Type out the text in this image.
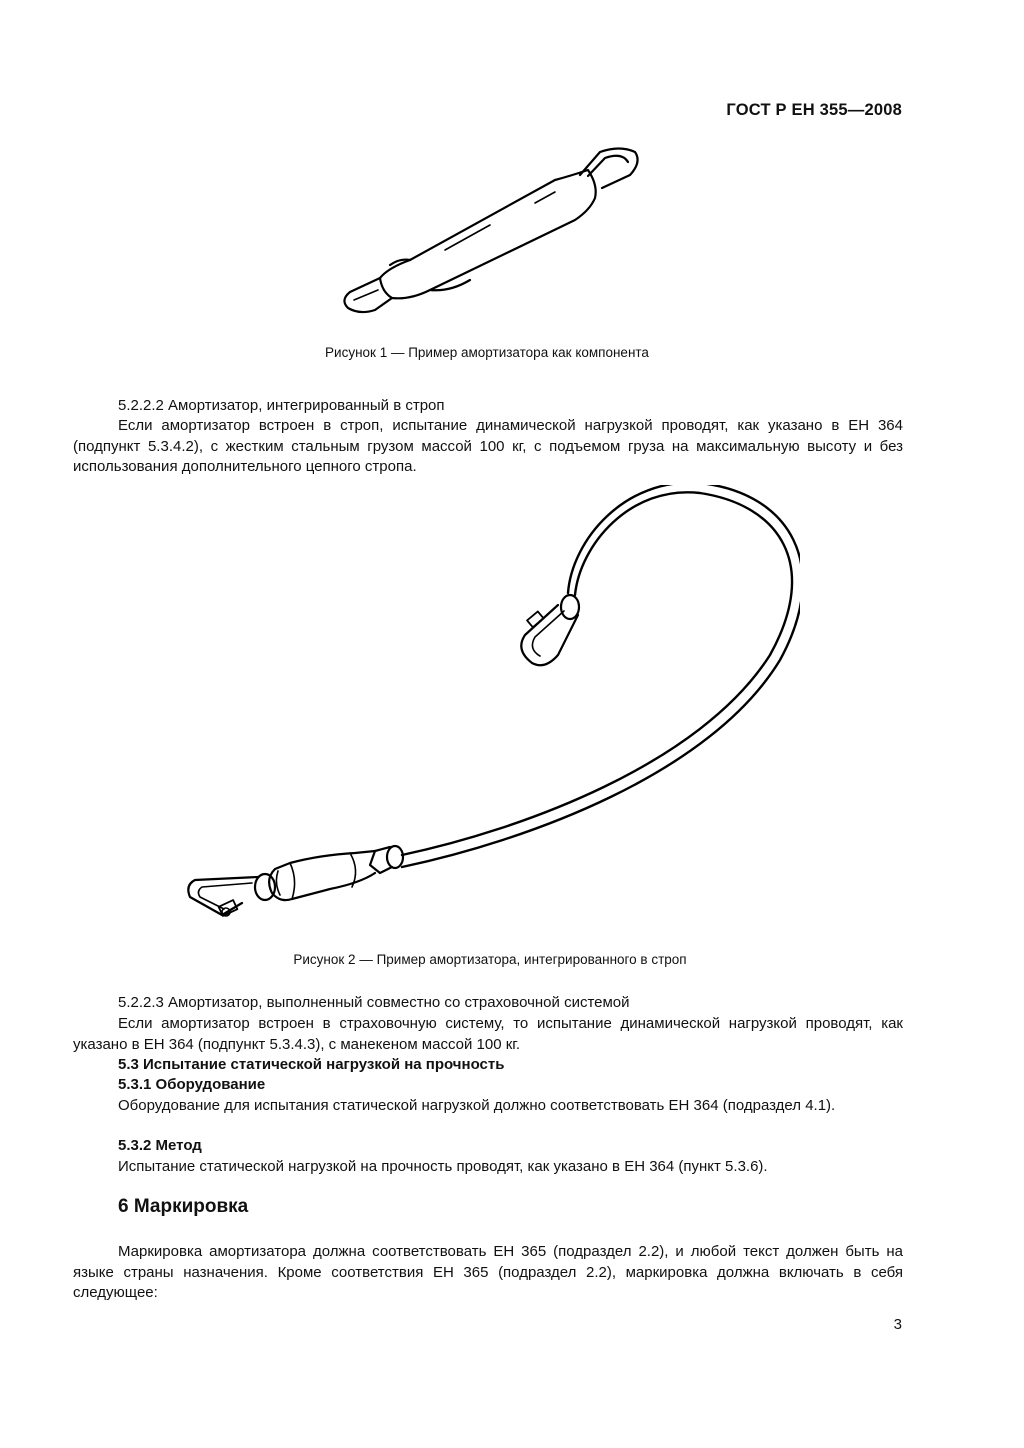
ГОСТ Р ЕН 355—2008
Рисунок 1 — Пример амортизатора как компонента
5.2.2.2 Амортизатор, интегрированный в строп
Если амортизатор встроен в строп, испытание динамической нагрузкой проводят, как указано в ЕН 364 (подпункт 5.3.4.2), с жестким стальным грузом массой 100 кг, с подъемом груза на максимальную высоту и без использования дополнительного цепного стропа.
Рисунок 2 — Пример амортизатора, интегрированного в строп
5.2.2.3 Амортизатор, выполненный совместно со страховочной системой
Если амортизатор встроен в страховочную систему, то испытание динамической нагрузкой проводят, как указано в ЕН 364 (подпункт 5.3.4.3), с манекеном массой 100 кг.
5.3 Испытание статической нагрузкой на прочность
5.3.1 Оборудование
Оборудование для испытания статической нагрузкой должно соответствовать ЕН 364 (подраздел 4.1).
5.3.2 Метод
Испытание статической нагрузкой на прочность проводят, как указано в ЕН 364 (пункт 5.3.6).
6 Маркировка
Маркировка амортизатора должна соответствовать ЕН 365 (подраздел 2.2), и любой текст должен быть на языке страны назначения. Кроме соответствия ЕН 365 (подраздел 2.2), маркировка должна включать в себя следующее:
3
